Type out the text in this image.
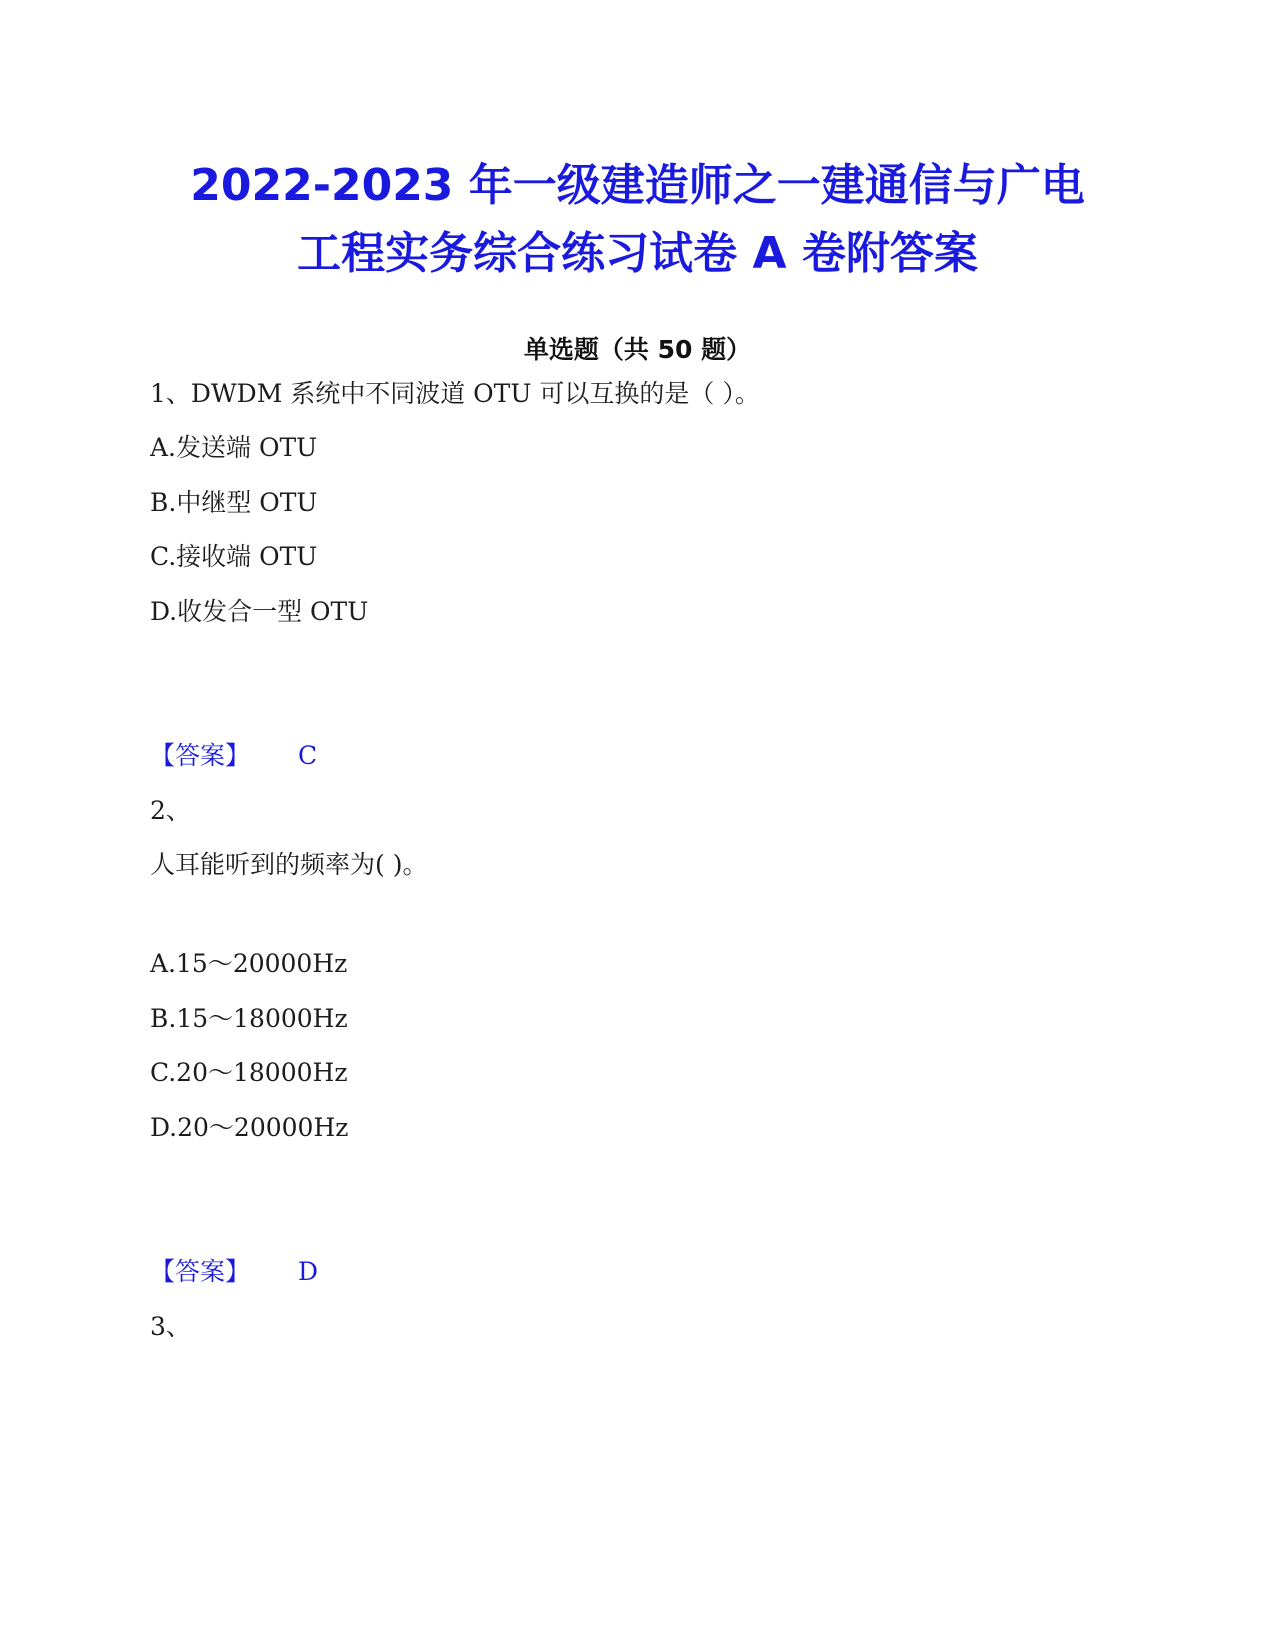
2022-2023 年一级建造师之一建通信与广电
工程实务综合练习试卷 A 卷附答案
单选题（共 50 题）
1、DWDM 系统中不同波道 OTU 可以互换的是（ ）。
A.发送端 OTU
B.中继型 OTU
C.接收端 OTU
D.收发合一型 OTU
【答案】 C
2、
人耳能听到的频率为( )。
A.15～20000Hz
B.15～18000Hz
C.20～18000Hz
D.20～20000Hz
【答案】 D
3、
